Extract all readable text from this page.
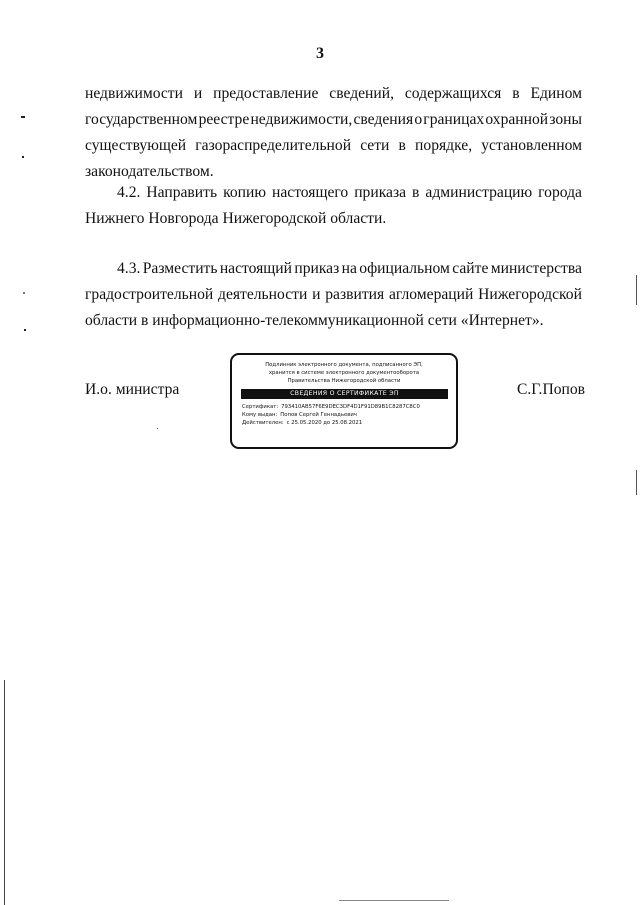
3
недвижимости и предоставление сведений, содержащихся в Едином
государственном реестре недвижимости, сведения о границах охранной зоны
существующей газораспределительной сети в порядке, установленном
законодательством.
4.2. Направить копию настоящего приказа в администрацию города
Нижнего Новгорода Нижегородской области.
4.3. Разместить настоящий приказ на официальном сайте министерства
градостроительной деятельности и развития агломераций Нижегородской
области в информационно-телекоммуникационной сети «Интернет».
И.о. министра	С.Г.Попов
Подлинник электронного документа, подписанного ЭП,
хранится в системе электронного документооборота
Правительства Нижегородской области
СВЕДЕНИЯ О СЕРТИФИКАТЕ ЭП
Сертификат: 793410AB57F6E9DEC3DF4D1F91D89B1C8287C8C0
Кому выдан: Попов Сергей Геннадьевич
Действителен: с 25.05.2020 до 25.08.2021
